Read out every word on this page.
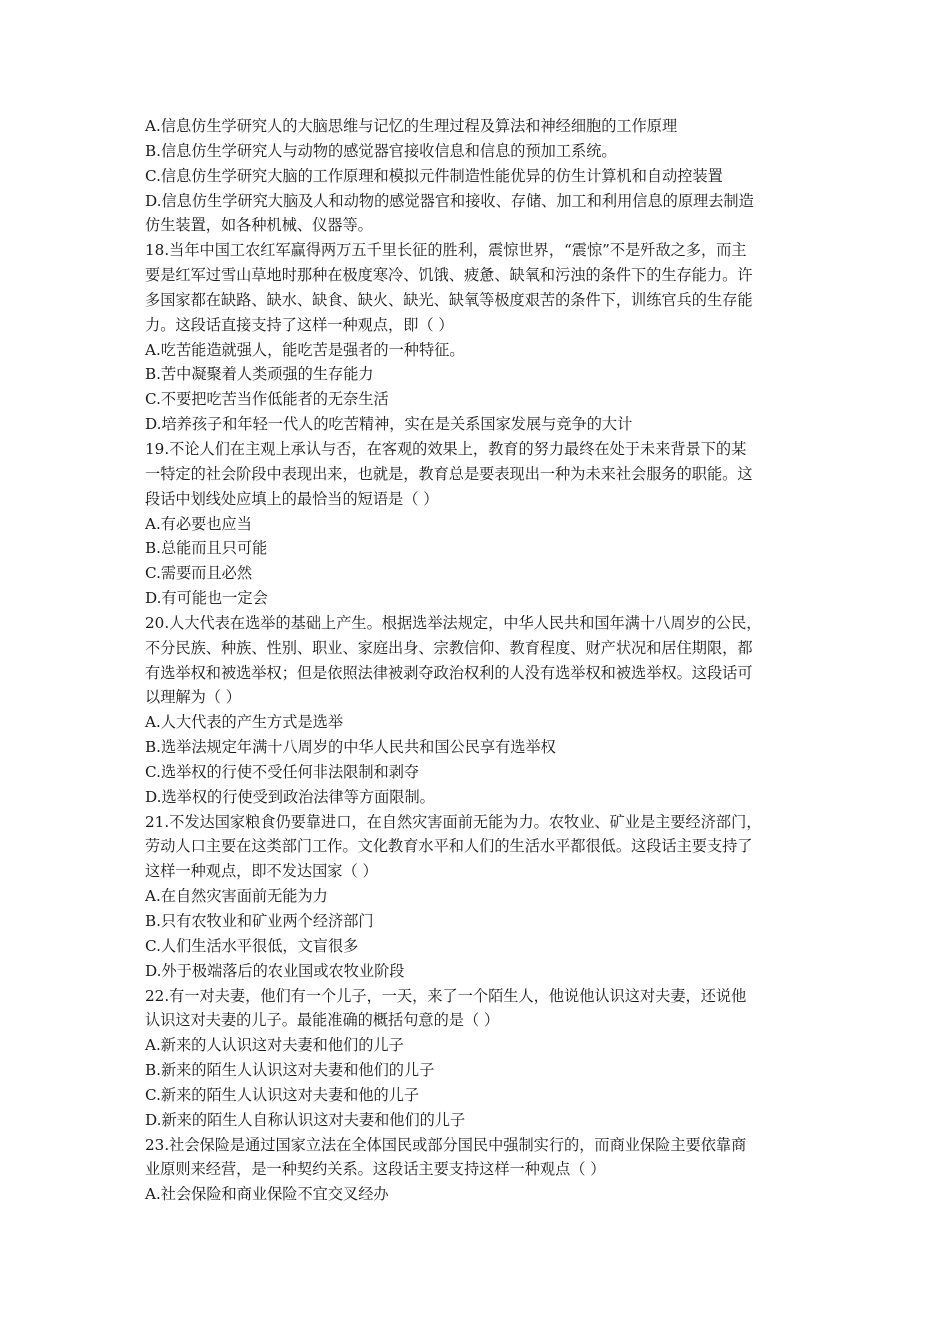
A.信息仿生学研究人的大脑思维与记忆的生理过程及算法和神经细胞的工作原理
B.信息仿生学研究人与动物的感觉器官接收信息和信息的预加工系统。
C.信息仿生学研究大脑的工作原理和模拟元件制造性能优异的仿生计算机和自动控装置
D.信息仿生学研究大脑及人和动物的感觉器官和接收、存储、加工和利用信息的原理去制造
仿生装置，如各种机械、仪器等。
18.当年中国工农红军赢得两万五千里长征的胜利，震惊世界，“震惊”不是歼敌之多，而主
要是红军过雪山草地时那种在极度寒冷、饥饿、疲惫、缺氧和污浊的条件下的生存能力。许
多国家都在缺路、缺水、缺食、缺火、缺光、缺氧等极度艰苦的条件下，训练官兵的生存能
力。这段话直接支持了这样一种观点，即（ ）
A.吃苦能造就强人，能吃苦是强者的一种特征。
B.苦中凝聚着人类顽强的生存能力
C.不要把吃苦当作低能者的无奈生活
D.培养孩子和年轻一代人的吃苦精神，实在是关系国家发展与竞争的大计
19.不论人们在主观上承认与否，在客观的效果上，教育的努力最终在处于未来背景下的某
一特定的社会阶段中表现出来，也就是，教育总是要表现出一种为未来社会服务的职能。这
段话中划线处应填上的最恰当的短语是（ ）
A.有必要也应当
B.总能而且只可能
C.需要而且必然
D.有可能也一定会
20.人大代表在选举的基础上产生。根据选举法规定，中华人民共和国年满十八周岁的公民，
不分民族、种族、性别、职业、家庭出身、宗教信仰、教育程度、财产状况和居住期限，都
有选举权和被选举权；但是依照法律被剥夺政治权利的人没有选举权和被选举权。这段话可
以理解为（ ）
A.人大代表的产生方式是选举
B.选举法规定年满十八周岁的中华人民共和国公民享有选举权
C.选举权的行使不受任何非法限制和剥夺
D.选举权的行使受到政治法律等方面限制。
21.不发达国家粮食仍要靠进口，在自然灾害面前无能为力。农牧业、矿业是主要经济部门，
劳动人口主要在这类部门工作。文化教育水平和人们的生活水平都很低。这段话主要支持了
这样一种观点，即不发达国家（ ）
A.在自然灾害面前无能为力
B.只有农牧业和矿业两个经济部门
C.人们生活水平很低，文盲很多
D.外于极端落后的农业国或农牧业阶段
22.有一对夫妻，他们有一个儿子，一天，来了一个陌生人，他说他认识这对夫妻，还说他
认识这对夫妻的儿子。最能准确的概括句意的是（ ）
A.新来的人认识这对夫妻和他们的儿子
B.新来的陌生人认识这对夫妻和他们的儿子
C.新来的陌生人认识这对夫妻和他的儿子
D.新来的陌生人自称认识这对夫妻和他们的儿子
23.社会保险是通过国家立法在全体国民或部分国民中强制实行的，而商业保险主要依靠商
业原则来经营，是一种契约关系。这段话主要支持这样一种观点（ ）
A.社会保险和商业保险不宜交叉经办
